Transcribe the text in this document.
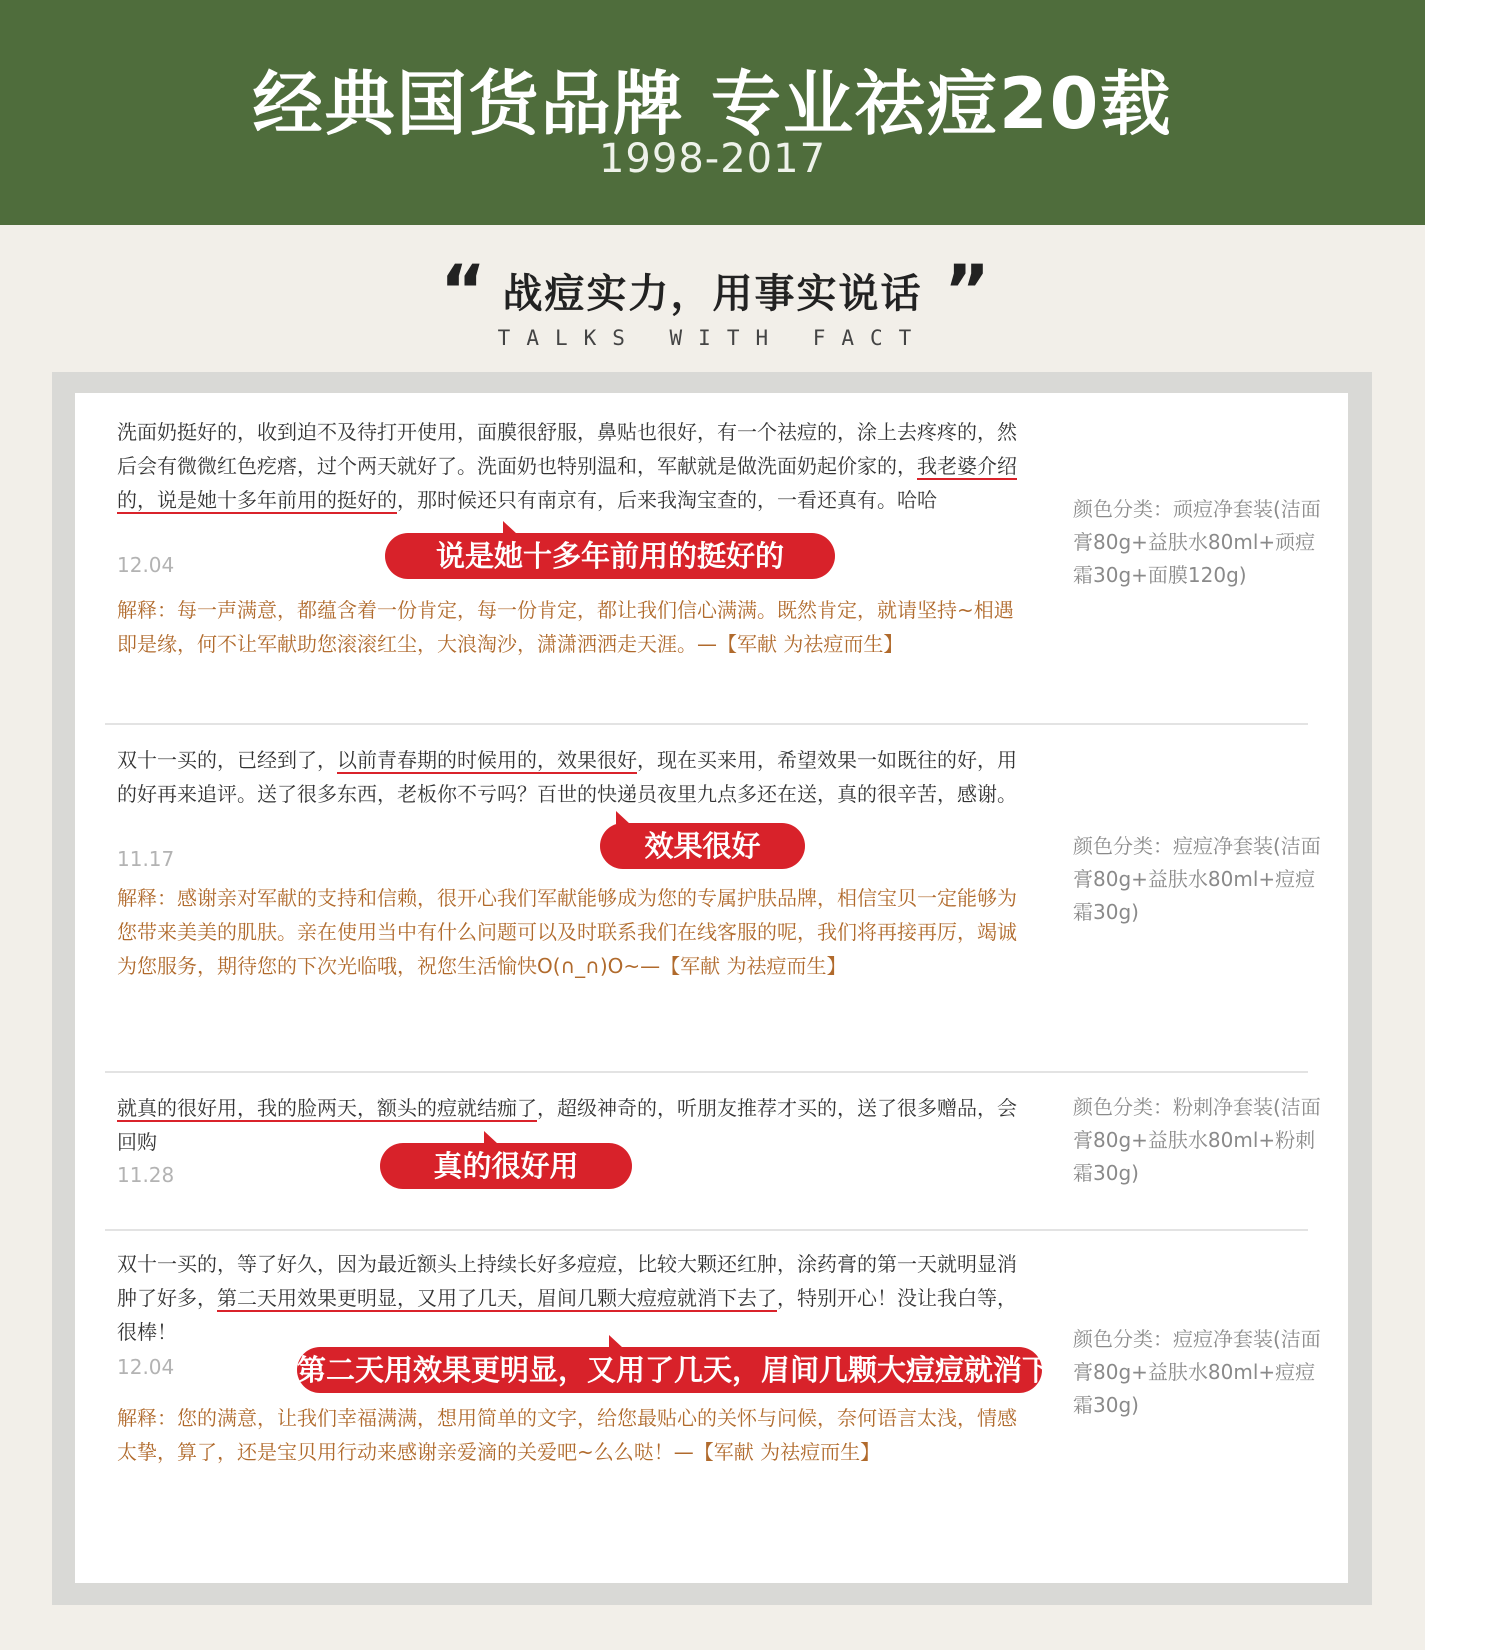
经典国货品牌 专业祛痘20载
1998-2017
“ 战痘实力，用事实说话 ”
TALKS WITH FACT
洗面奶挺好的，收到迫不及待打开使用，面膜很舒服，鼻贴也很好，有一个祛痘的，涂上去疼疼的，然后会有微微红色疙瘩，过个两天就好了。洗面奶也特别温和，军献就是做洗面奶起价家的，我老婆介绍的，说是她十多年前用的挺好的，那时候还只有南京有，后来我淘宝查的，一看还真有。哈哈
12.04	说是她十多年前用的挺好的
解释：每一声满意，都蕴含着一份肯定，每一份肯定，都让我们信心满满。既然肯定，就请坚持~相遇即是缘，何不让军献助您滚滚红尘，大浪淘沙，潇潇洒洒走天涯。—【军献 为祛痘而生】
颜色分类：顽痘净套装(洁面膏80g+益肤水80ml+顽痘霜30g+面膜120g)
双十一买的，已经到了，以前青春期的时候用的，效果很好，现在买来用，希望效果一如既往的好，用的好再来追评。送了很多东西，老板你不亏吗？百世的快递员夜里九点多还在送，真的很辛苦，感谢。
11.17	效果很好
解释：感谢亲对军献的支持和信赖，很开心我们军献能够成为您的专属护肤品牌，相信宝贝一定能够为您带来美美的肌肤。亲在使用当中有什么问题可以及时联系我们在线客服的呢，我们将再接再厉，竭诚为您服务，期待您的下次光临哦，祝您生活愉快O(∩_∩)O~—【军献 为祛痘而生】
颜色分类：痘痘净套装(洁面膏80g+益肤水80ml+痘痘霜30g)
就真的很好用，我的脸两天，额头的痘就结痂了，超级神奇的，听朋友推荐才买的，送了很多赠品，会回购
11.28	真的很好用
颜色分类：粉刺净套装(洁面膏80g+益肤水80ml+粉刺霜30g)
双十一买的，等了好久，因为最近额头上持续长好多痘痘，比较大颗还红肿，涂药膏的第一天就明显消肿了好多，第二天用效果更明显，又用了几天，眉间几颗大痘痘就消下去了，特别开心！没让我白等，很棒！
12.04	第二天用效果更明显，又用了几天，眉间几颗大痘痘就消下去了
解释：您的满意，让我们幸福满满，想用简单的文字，给您最贴心的关怀与问候，奈何语言太浅，情感太挚，算了，还是宝贝用行动来感谢亲爱滴的关爱吧~么么哒！—【军献 为祛痘而生】
颜色分类：痘痘净套装(洁面膏80g+益肤水80ml+痘痘霜30g)
